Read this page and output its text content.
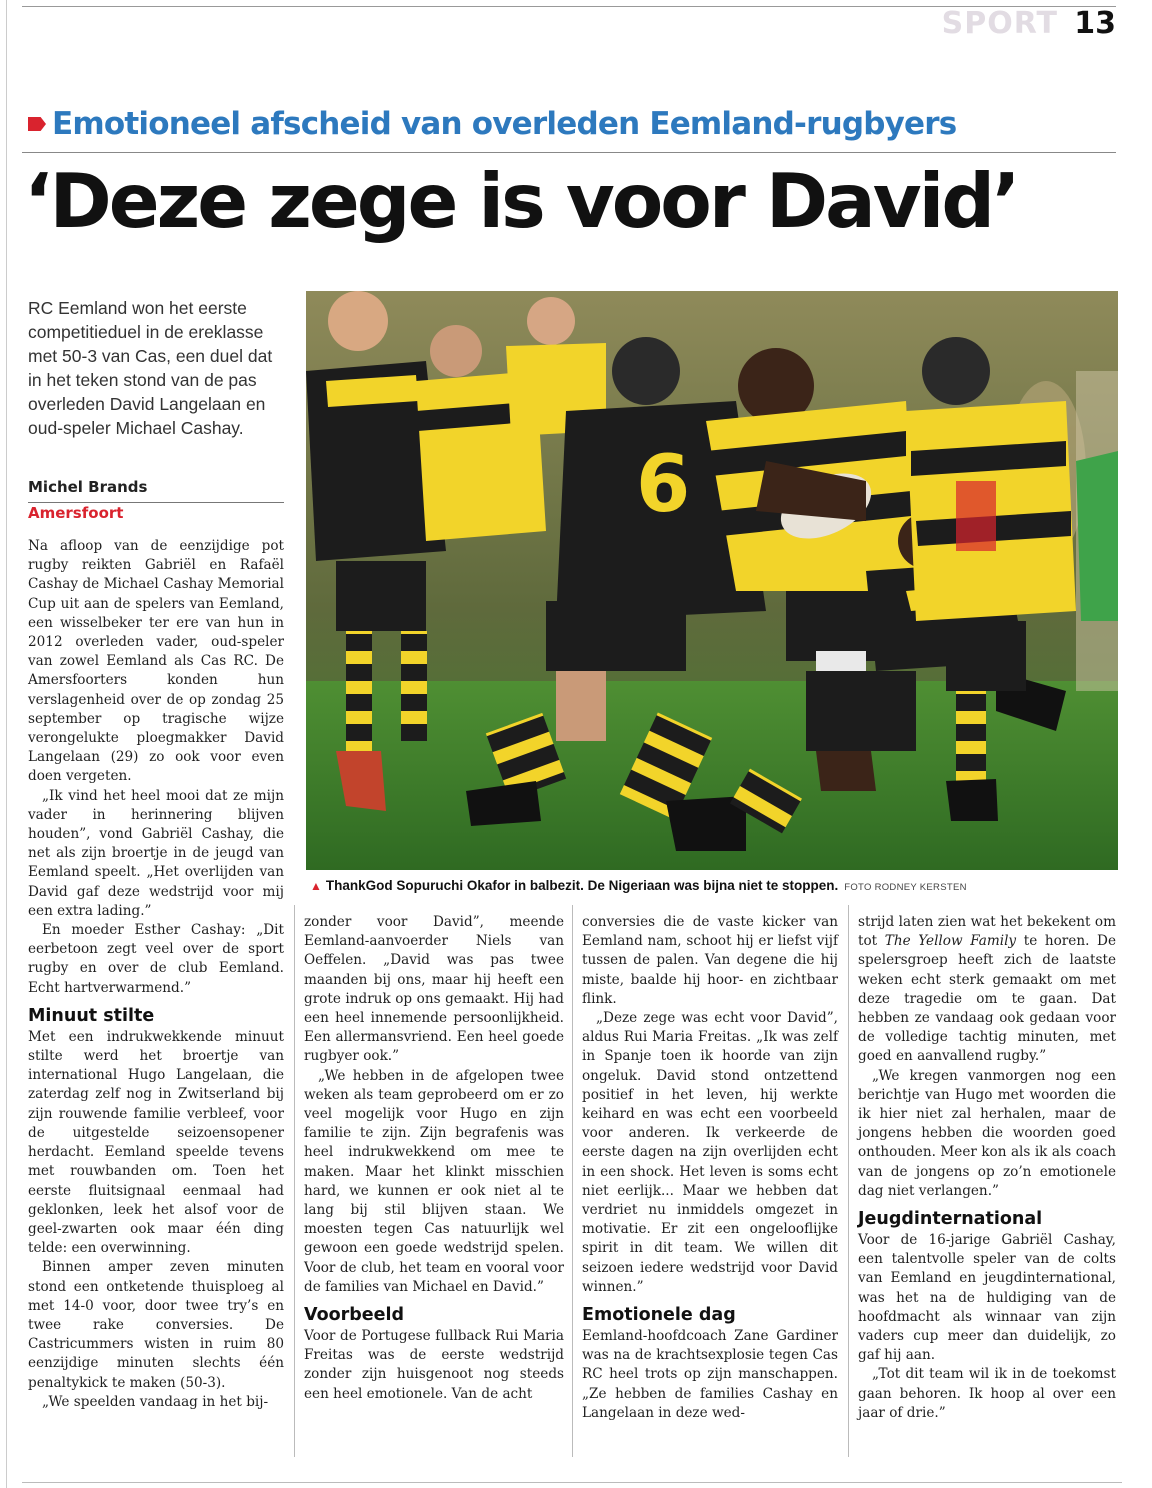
SPORT 13
Emotioneel afscheid van overleden Eemland-rugbyers
‘Deze zege is voor David’
RC Eemland won het eerste competitieduel in de ereklasse met 50-3 van Cas, een duel dat in het teken stond van de pas overleden David Langelaan en oud-speler Michael Cashay.
Michel Brands
Amersfoort	6
▲ ThankGod Sopuruchi Okafor in balbezit. De Nigeriaan was bijna niet te stoppen. FOTO RODNEY KERSTEN

Na afloop van de eenzijdige pot rugby reikten Gabriël en Rafaël Cashay de Michael Cashay Memorial Cup uit aan de spelers van Eemland, een wisselbeker ter ere van hun in 2012 overleden vader, oud-speler van zowel Eemland als Cas RC. De Amersfoorters konden hun verslagenheid over de op zondag 25 september op tragische wijze verongelukte ploegmakker David Langelaan (29) zo ook voor even doen vergeten.

„Ik vind het heel mooi dat ze mijn vader in herinnering blijven houden”, vond Gabriël Cashay, die net als zijn broertje in de jeugd van Eemland speelt. „Het overlijden van David gaf deze wedstrijd voor mij een extra lading.”

En moeder Esther Cashay: „Dit eerbetoon zegt veel over de sport rugby en over de club Eemland. Echt hartverwarmend.”

Minuut stilte

Met een indrukwekkende minuut stilte werd het broertje van international Hugo Langelaan, die zaterdag zelf nog in Zwitserland bij zijn rouwende familie verbleef, voor de uitgestelde seizoensopener herdacht. Eemland speelde tevens met rouwbanden om. Toen het eerste fluitsignaal eenmaal had geklonken, leek het alsof voor de geel-zwarten ook maar één ding telde: een overwinning.

Binnen amper zeven minuten stond een ontketende thuisploeg al met 14-0 voor, door twee try’s en twee rake conversies. De Castricummers wisten in ruim 80 eenzijdige minuten slechts één penaltykick te maken (50-3).

„We speelden vandaag in het bij-

zonder voor David”, meende Eemland-aanvoerder Niels van Oeffelen. „David was pas twee maanden bij ons, maar hij heeft een grote indruk op ons gemaakt. Hij had een heel innemende persoonlijkheid. Een allermansvriend. Een heel goede rugbyer ook.”

„We hebben in de afgelopen twee weken als team geprobeerd om er zo veel mogelijk voor Hugo en zijn familie te zijn. Zijn begrafenis was heel indrukwekkend om mee te maken. Maar het klinkt misschien hard, we kunnen er ook niet al te lang bij stil blijven staan. We moesten tegen Cas natuurlijk wel gewoon een goede wedstrijd spelen. Voor de club, het team en vooral voor de families van Michael en David.”

Voorbeeld

Voor de Portugese fullback Rui Maria Freitas was de eerste wedstrijd zonder zijn huisgenoot nog steeds een heel emotionele. Van de acht

conversies die de vaste kicker van Eemland nam, schoot hij er liefst vijf tussen de palen. Van degene die hij miste, baalde hij hoor- en zichtbaar flink.

„Deze zege was echt voor David”, aldus Rui Maria Freitas. „Ik was zelf in Spanje toen ik hoorde van zijn ongeluk. David stond ontzettend positief in het leven, hij werkte keihard en was echt een voorbeeld voor anderen. Ik verkeerde de eerste dagen na zijn overlijden echt in een shock. Het leven is soms echt niet eerlijk... Maar we hebben dat verdriet nu inmiddels omgezet in motivatie. Er zit een ongelooflijke spirit in dit team. We willen dit seizoen iedere wedstrijd voor David winnen.”

Emotionele dag

Eemland-hoofdcoach Zane Gardiner was na de krachtsexplosie tegen Cas RC heel trots op zijn manschappen. „Ze hebben de families Cashay en Langelaan in deze wed-

strijd laten zien wat het bekekent om tot The Yellow Family te horen. De spelersgroep heeft zich de laatste weken echt sterk gemaakt om met deze tragedie om te gaan. Dat hebben ze vandaag ook gedaan voor de volledige tachtig minuten, met goed en aanvallend rugby.”

„We kregen vanmorgen nog een berichtje van Hugo met woorden die ik hier niet zal herhalen, maar de jongens hebben die woorden goed onthouden. Meer kon als ik als coach van de jongens op zo’n emotionele dag niet verlangen.”

Jeugdinternational

Voor de 16-jarige Gabriël Cashay, een talentvolle speler van de colts van Eemland en jeugdinternational, was het na de huldiging van de hoofdmacht als winnaar van zijn vaders cup meer dan duidelijk, zo gaf hij aan.

„Tot dit team wil ik in de toekomst gaan behoren. Ik hoop al over een jaar of drie.”
